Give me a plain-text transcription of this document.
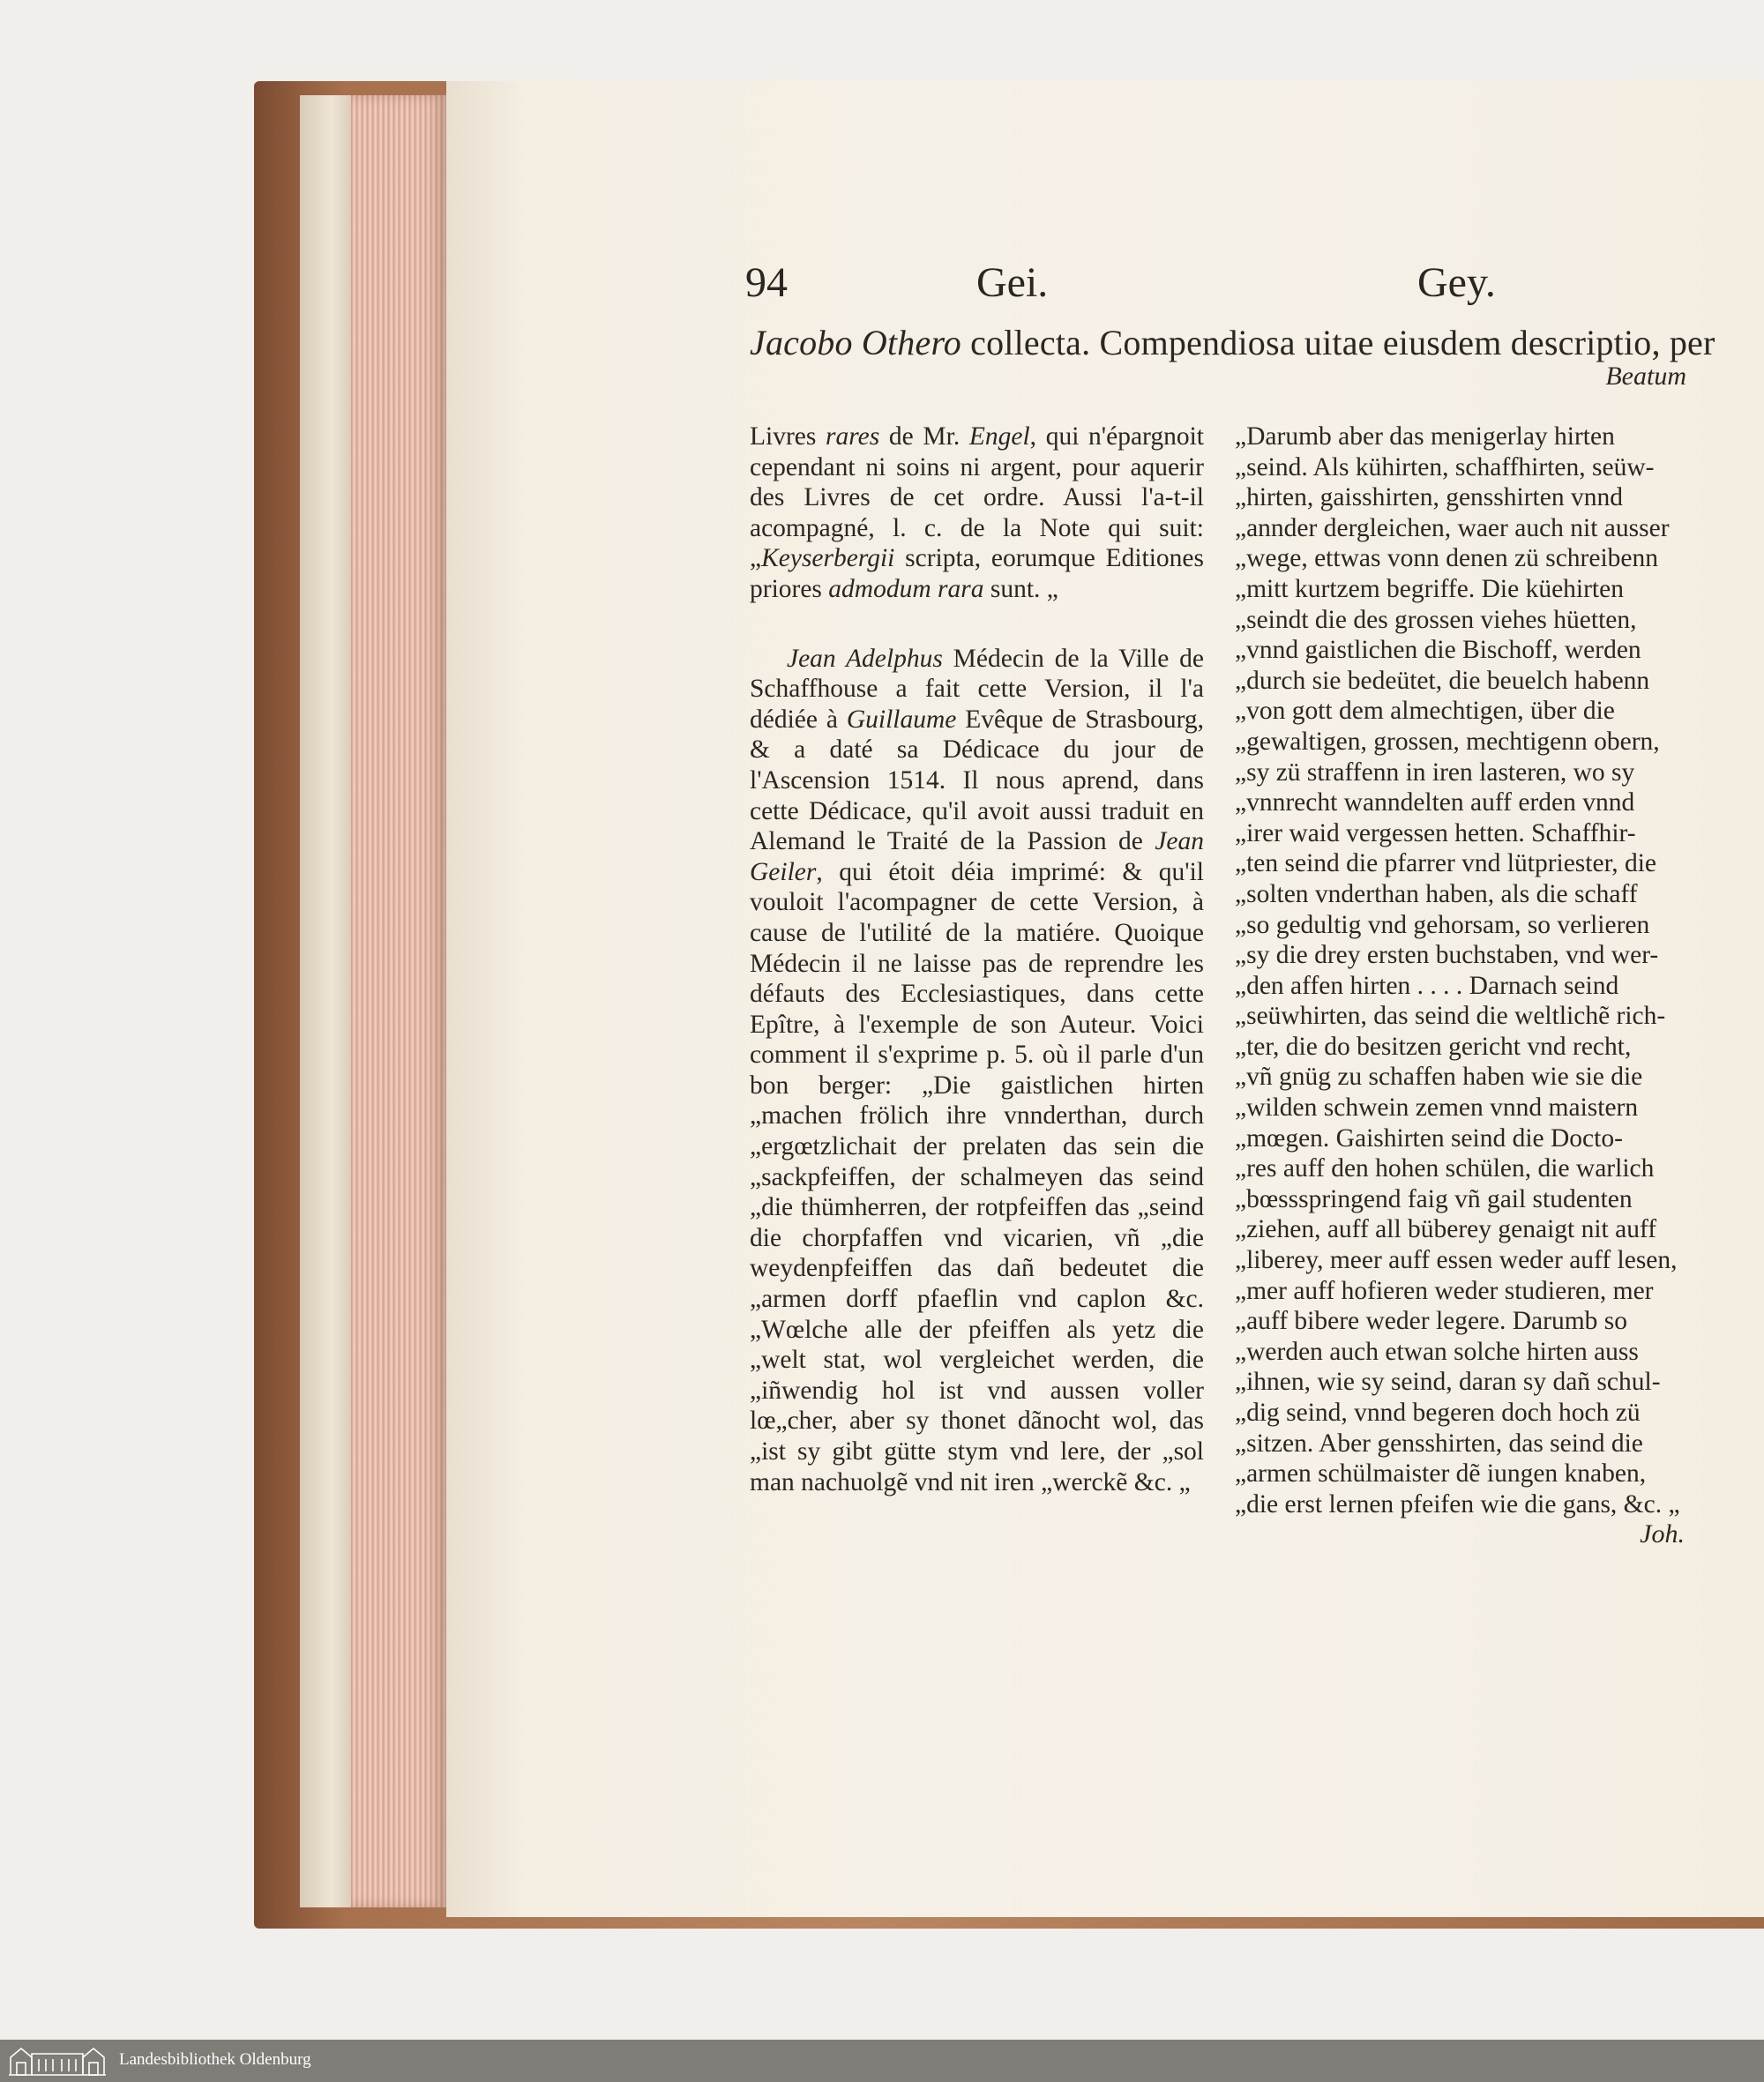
94	Gei.	Gey.
Jacobo Othero collecta. Compendiosa uitae eiusdem descriptio, per
Beatum

Livres rares de Mr. Engel, qui n'épargnoit cependant ni soins ni argent, pour aquerir des Livres de cet ordre. Aussi l'a-t-il acompagné, l. c. de la Note qui suit: „Keyserbergii scripta, eorumque Editiones priores admodum rara sunt. „

Jean Adelphus Médecin de la Ville de Schaffhouse a fait cette Version, il l'a dédiée à Guillaume Evêque de Strasbourg, & a daté sa Dédicace du jour de l'Ascension 1514. Il nous aprend, dans cette Dédicace, qu'il avoit aussi traduit en Alemand le Traité de la Passion de Jean Geiler, qui étoit déia imprimé: & qu'il vouloit l'acompagner de cette Version, à cause de l'utilité de la matiére. Quoique Médecin il ne laisse pas de reprendre les défauts des Ecclesiastiques, dans cette Epître, à l'exemple de son Auteur. Voici comment il s'exprime p. 5. où il parle d'un bon berger: „Die gaistlichen hirten „machen frölich ihre vnnderthan, durch „ergœtzlichait der prelaten das sein die „sackpfeiffen, der schalmeyen das seind „die thümherren, der rotpfeiffen das „seind die chorpfaffen vnd vicarien, vñ „die weydenpfeiffen das dañ bedeutet die „armen dorff pfaeflin vnd caplon &c. „Wœlche alle der pfeiffen als yetz die „welt stat, wol vergleichet werden, die „iñwendig hol ist vnd aussen voller lœ„cher, aber sy thonet dãnocht wol, das „ist sy gibt gütte stym vnd lere, der „sol man nachuolgẽ vnd nit iren „werckẽ &c. „

„Darumb aber das menigerlay hirten
„seind. Als kühirten, schaffhirten, seüw-
„hirten, gaisshirten, gensshirten vnnd
„annder dergleichen, waer auch nit ausser
„wege, ettwas vonn denen zü schreibenn
„mitt kurtzem begriffe. Die küehirten
„seindt die des grossen viehes hüetten,
„vnnd gaistlichen die Bischoff, werden
„durch sie bedeütet, die beuelch habenn
„von gott dem almechtigen, über die
„gewaltigen, grossen, mechtigenn obern,
„sy zü straffenn in iren lasteren, wo sy
„vnnrecht wanndelten auff erden vnnd
„irer waid vergessen hetten. Schaffhir-
„ten seind die pfarrer vnd lütpriester, die
„solten vnderthan haben, als die schaff
„so gedultig vnd gehorsam, so verlieren
„sy die drey ersten buchstaben, vnd wer-
„den affen hirten . . . . Darnach seind
„seüwhirten, das seind die weltlichẽ rich-
„ter, die do besitzen gericht vnd recht,
„vñ gnüg zu schaffen haben wie sie die
„wilden schwein zemen vnnd maistern
„mœgen. Gaishirten seind die Docto-
„res auff den hohen schülen, die warlich
„bœssspringend faig vñ gail studenten
„ziehen, auff all büberey genaigt nit auff
„liberey, meer auff essen weder auff lesen,
„mer auff hofieren weder studieren, mer
„auff bibere weder legere. Darumb so
„werden auch etwan solche hirten auss
„ihnen, wie sy seind, daran sy dañ schul-
„dig seind, vnnd begeren doch hoch zü
„sitzen. Aber gensshirten, das seind die
„armen schülmaister dẽ iungen knaben,
„die erst lernen pfeifen wie die gans, &c. „
Joh.
Landesbibliothek Oldenburg
